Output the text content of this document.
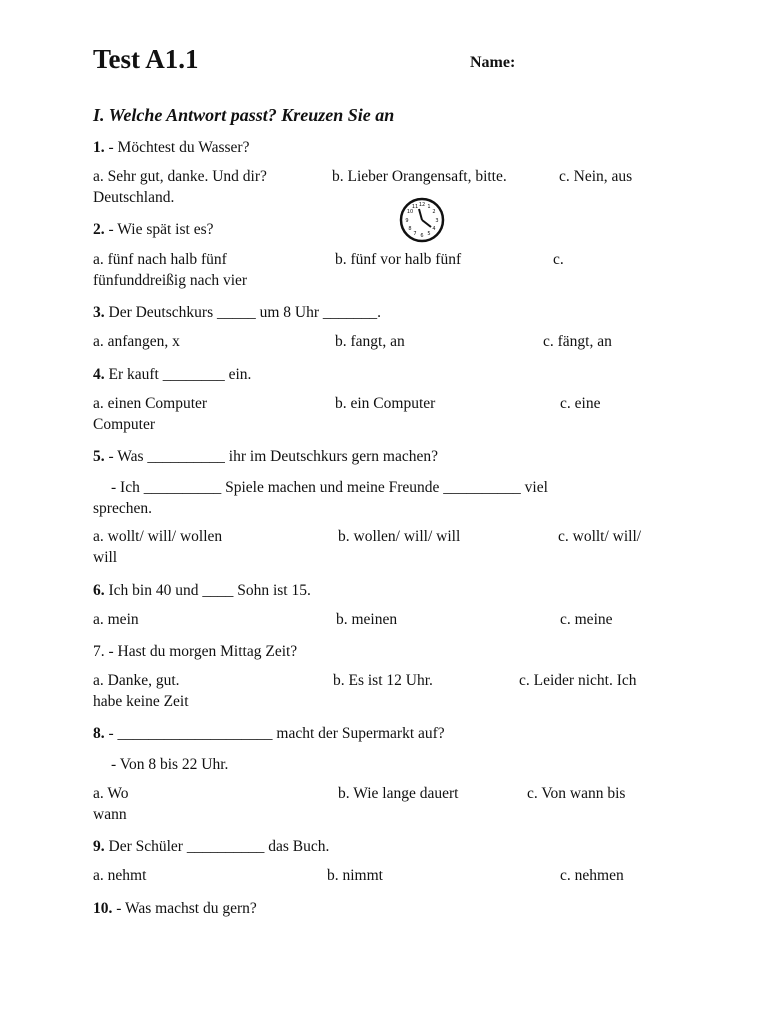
Test A1.1	Name:
I. Welche Antwort passt? Kreuzen Sie an
1. - Möchtest du Wasser?
a. Sehr gut, danke. Und dir?	b. Lieber Orangensaft, bitte.	c. Nein, aus
Deutschland.
2. - Wie spät ist es?
12 1
2
3
4
5
6
7
8
9
10
11
a. fünf nach halb fünf	b. fünf vor halb fünf	c.
fünfunddreißig nach vier
3. Der Deutschkurs _____ um 8 Uhr _______.
a. anfangen, x	b. fangt, an	c. fängt, an
4. Er kauft ________ ein.
a. einen Computer	b. ein Computer	c. eine
Computer
5. - Was __________ ihr im Deutschkurs gern machen?
- Ich __________ Spiele machen und meine Freunde __________ viel
sprechen.
a. wollt/ will/ wollen	b. wollen/ will/ will	c. wollt/ will/
will
6. Ich bin 40 und ____ Sohn ist 15.
a. mein	b. meinen	c. meine
7. - Hast du morgen Mittag Zeit?
a. Danke, gut.	b. Es ist 12 Uhr.	c. Leider nicht. Ich
habe keine Zeit
8. - ____________________ macht der Supermarkt auf?
- Von 8 bis 22 Uhr.
a. Wo	b. Wie lange dauert	c. Von wann bis
wann
9. Der Schüler __________ das Buch.
a. nehmt	b. nimmt	c. nehmen
10. - Was machst du gern?
